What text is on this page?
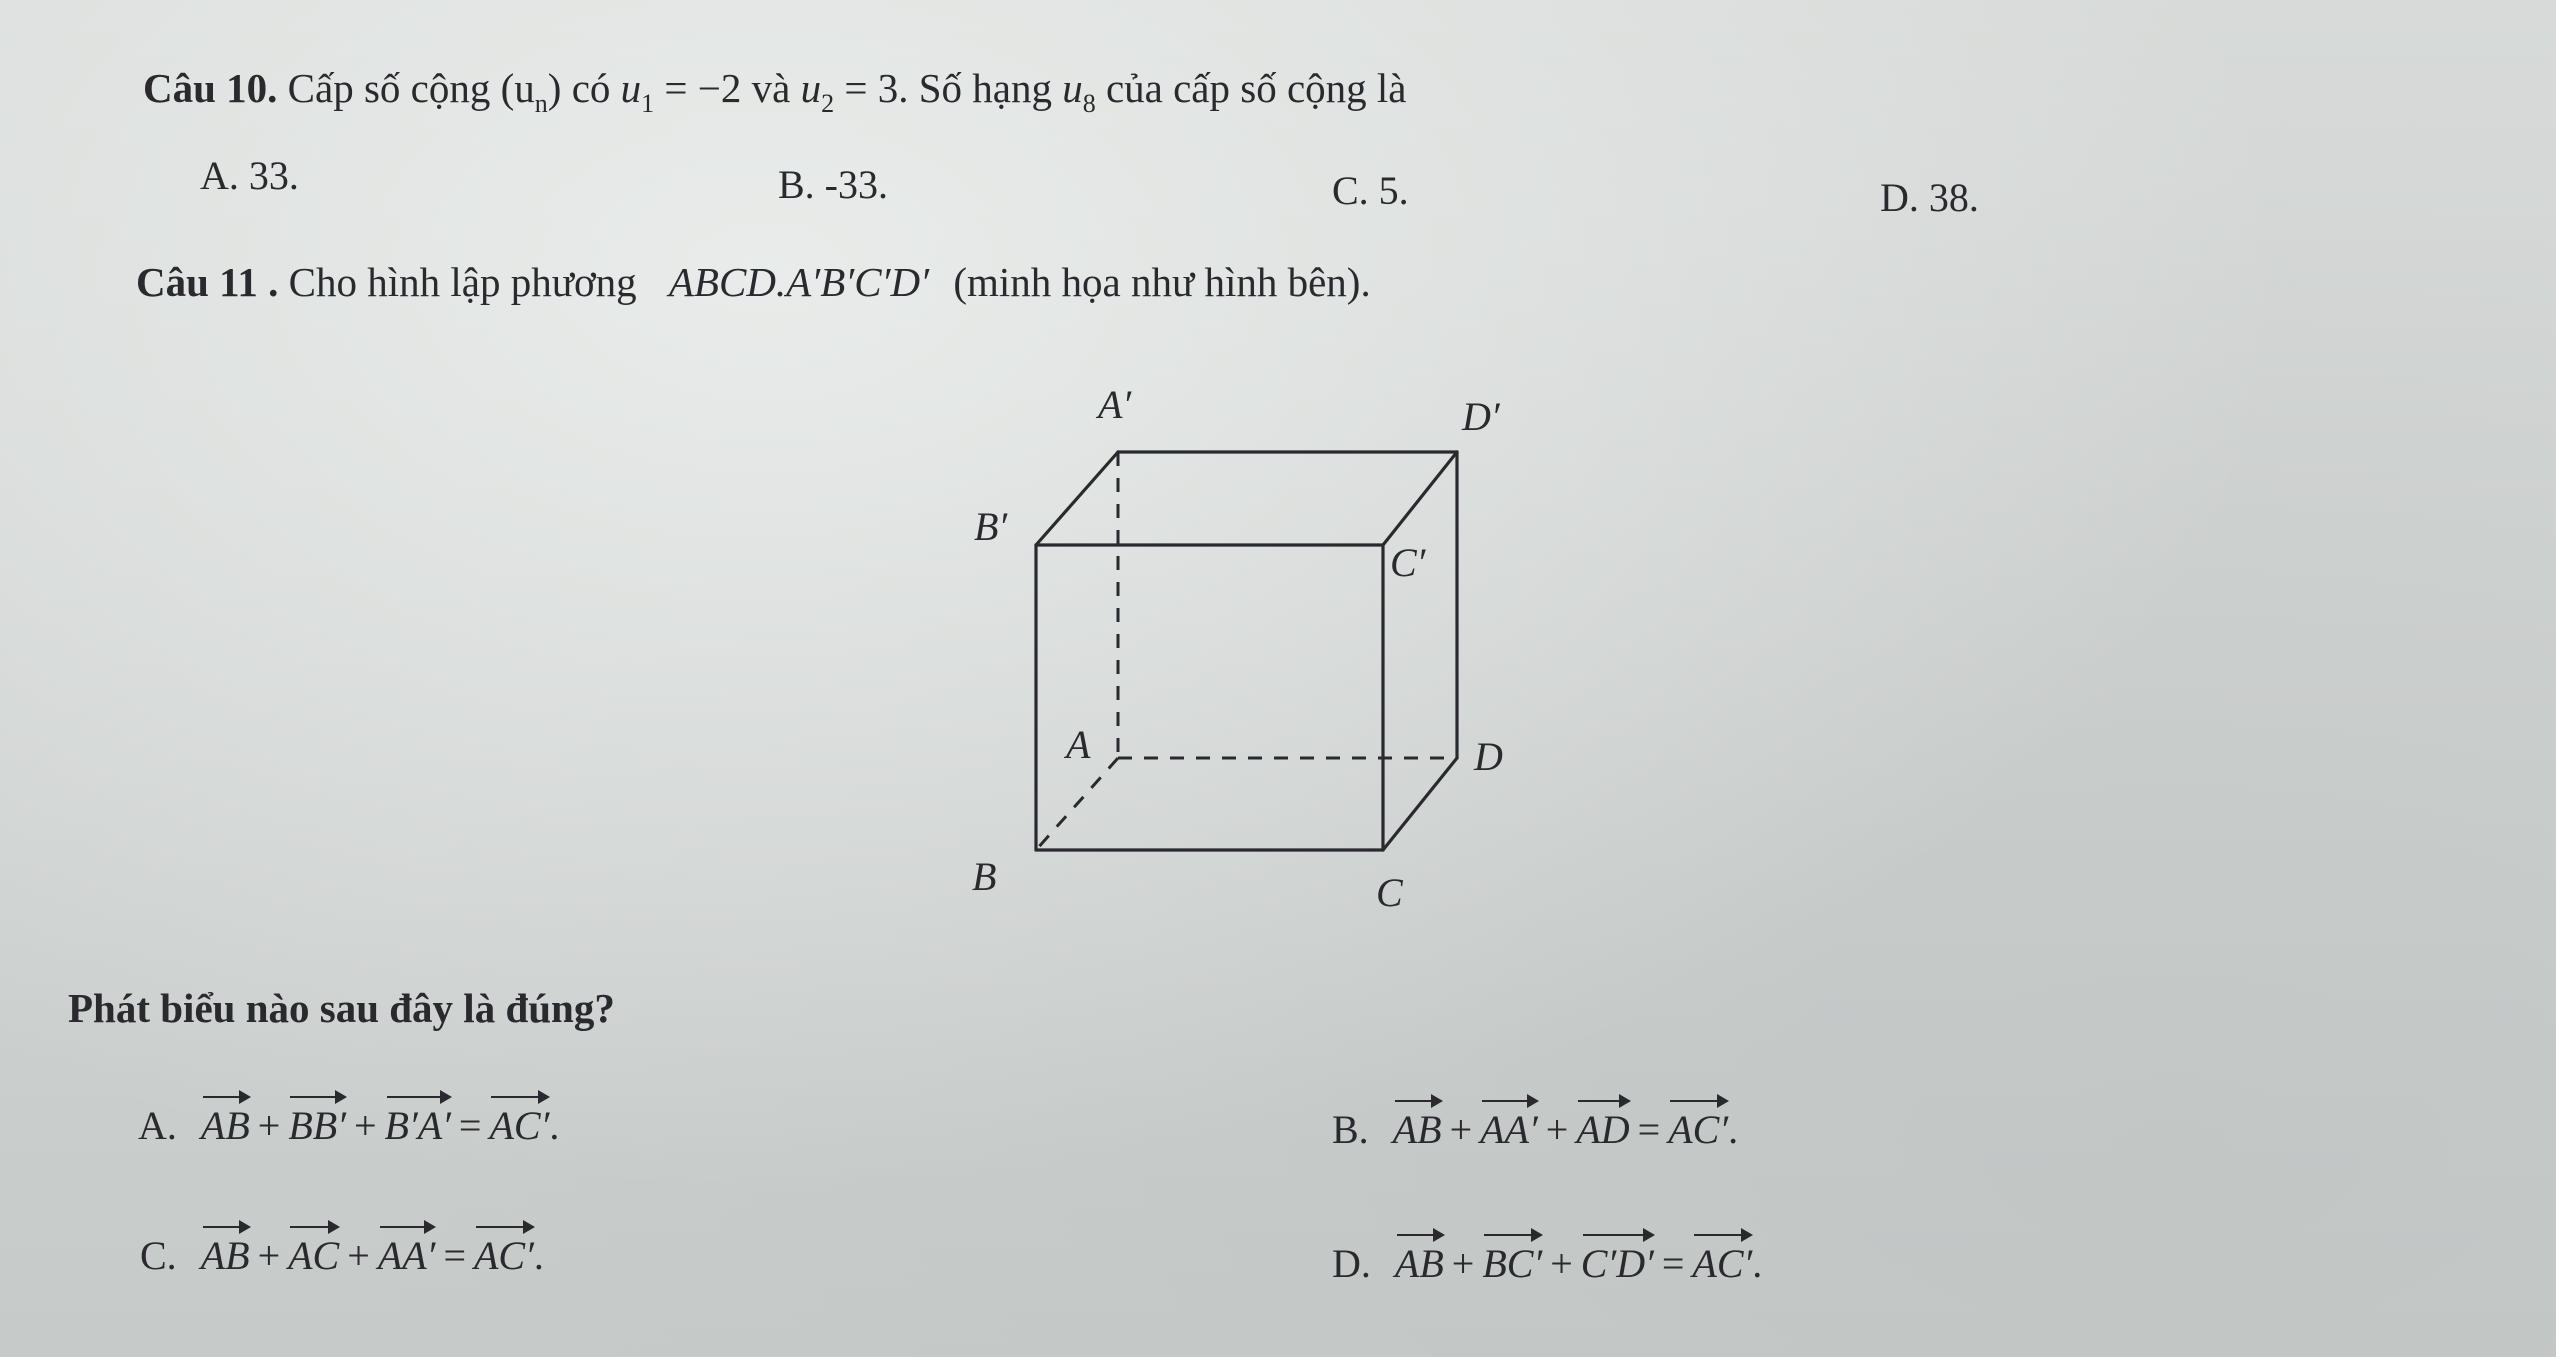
Câu 10. Cấp số cộng $(u_n)$ có $u_1 = -2$ và $u_2 = 3$. Số hạng $u_8$ của cấp số cộng là
A. 33.	B. -33.	C. 5.	D. 38.
Câu 11 . Cho hình lập phương ABCD.A′B′C′D′ (minh họa như hình bên).
A′	D′
B′
C′
A	D
B	C
Phát biểu nào sau đây là đúng?
A. AB + BB′ + B′A′ = AC′.	B. AB + AA′ + AD = AC′.
C. AB + AC + AA′ = AC′.	D. AB + BC′ + C′D′ = AC′.
